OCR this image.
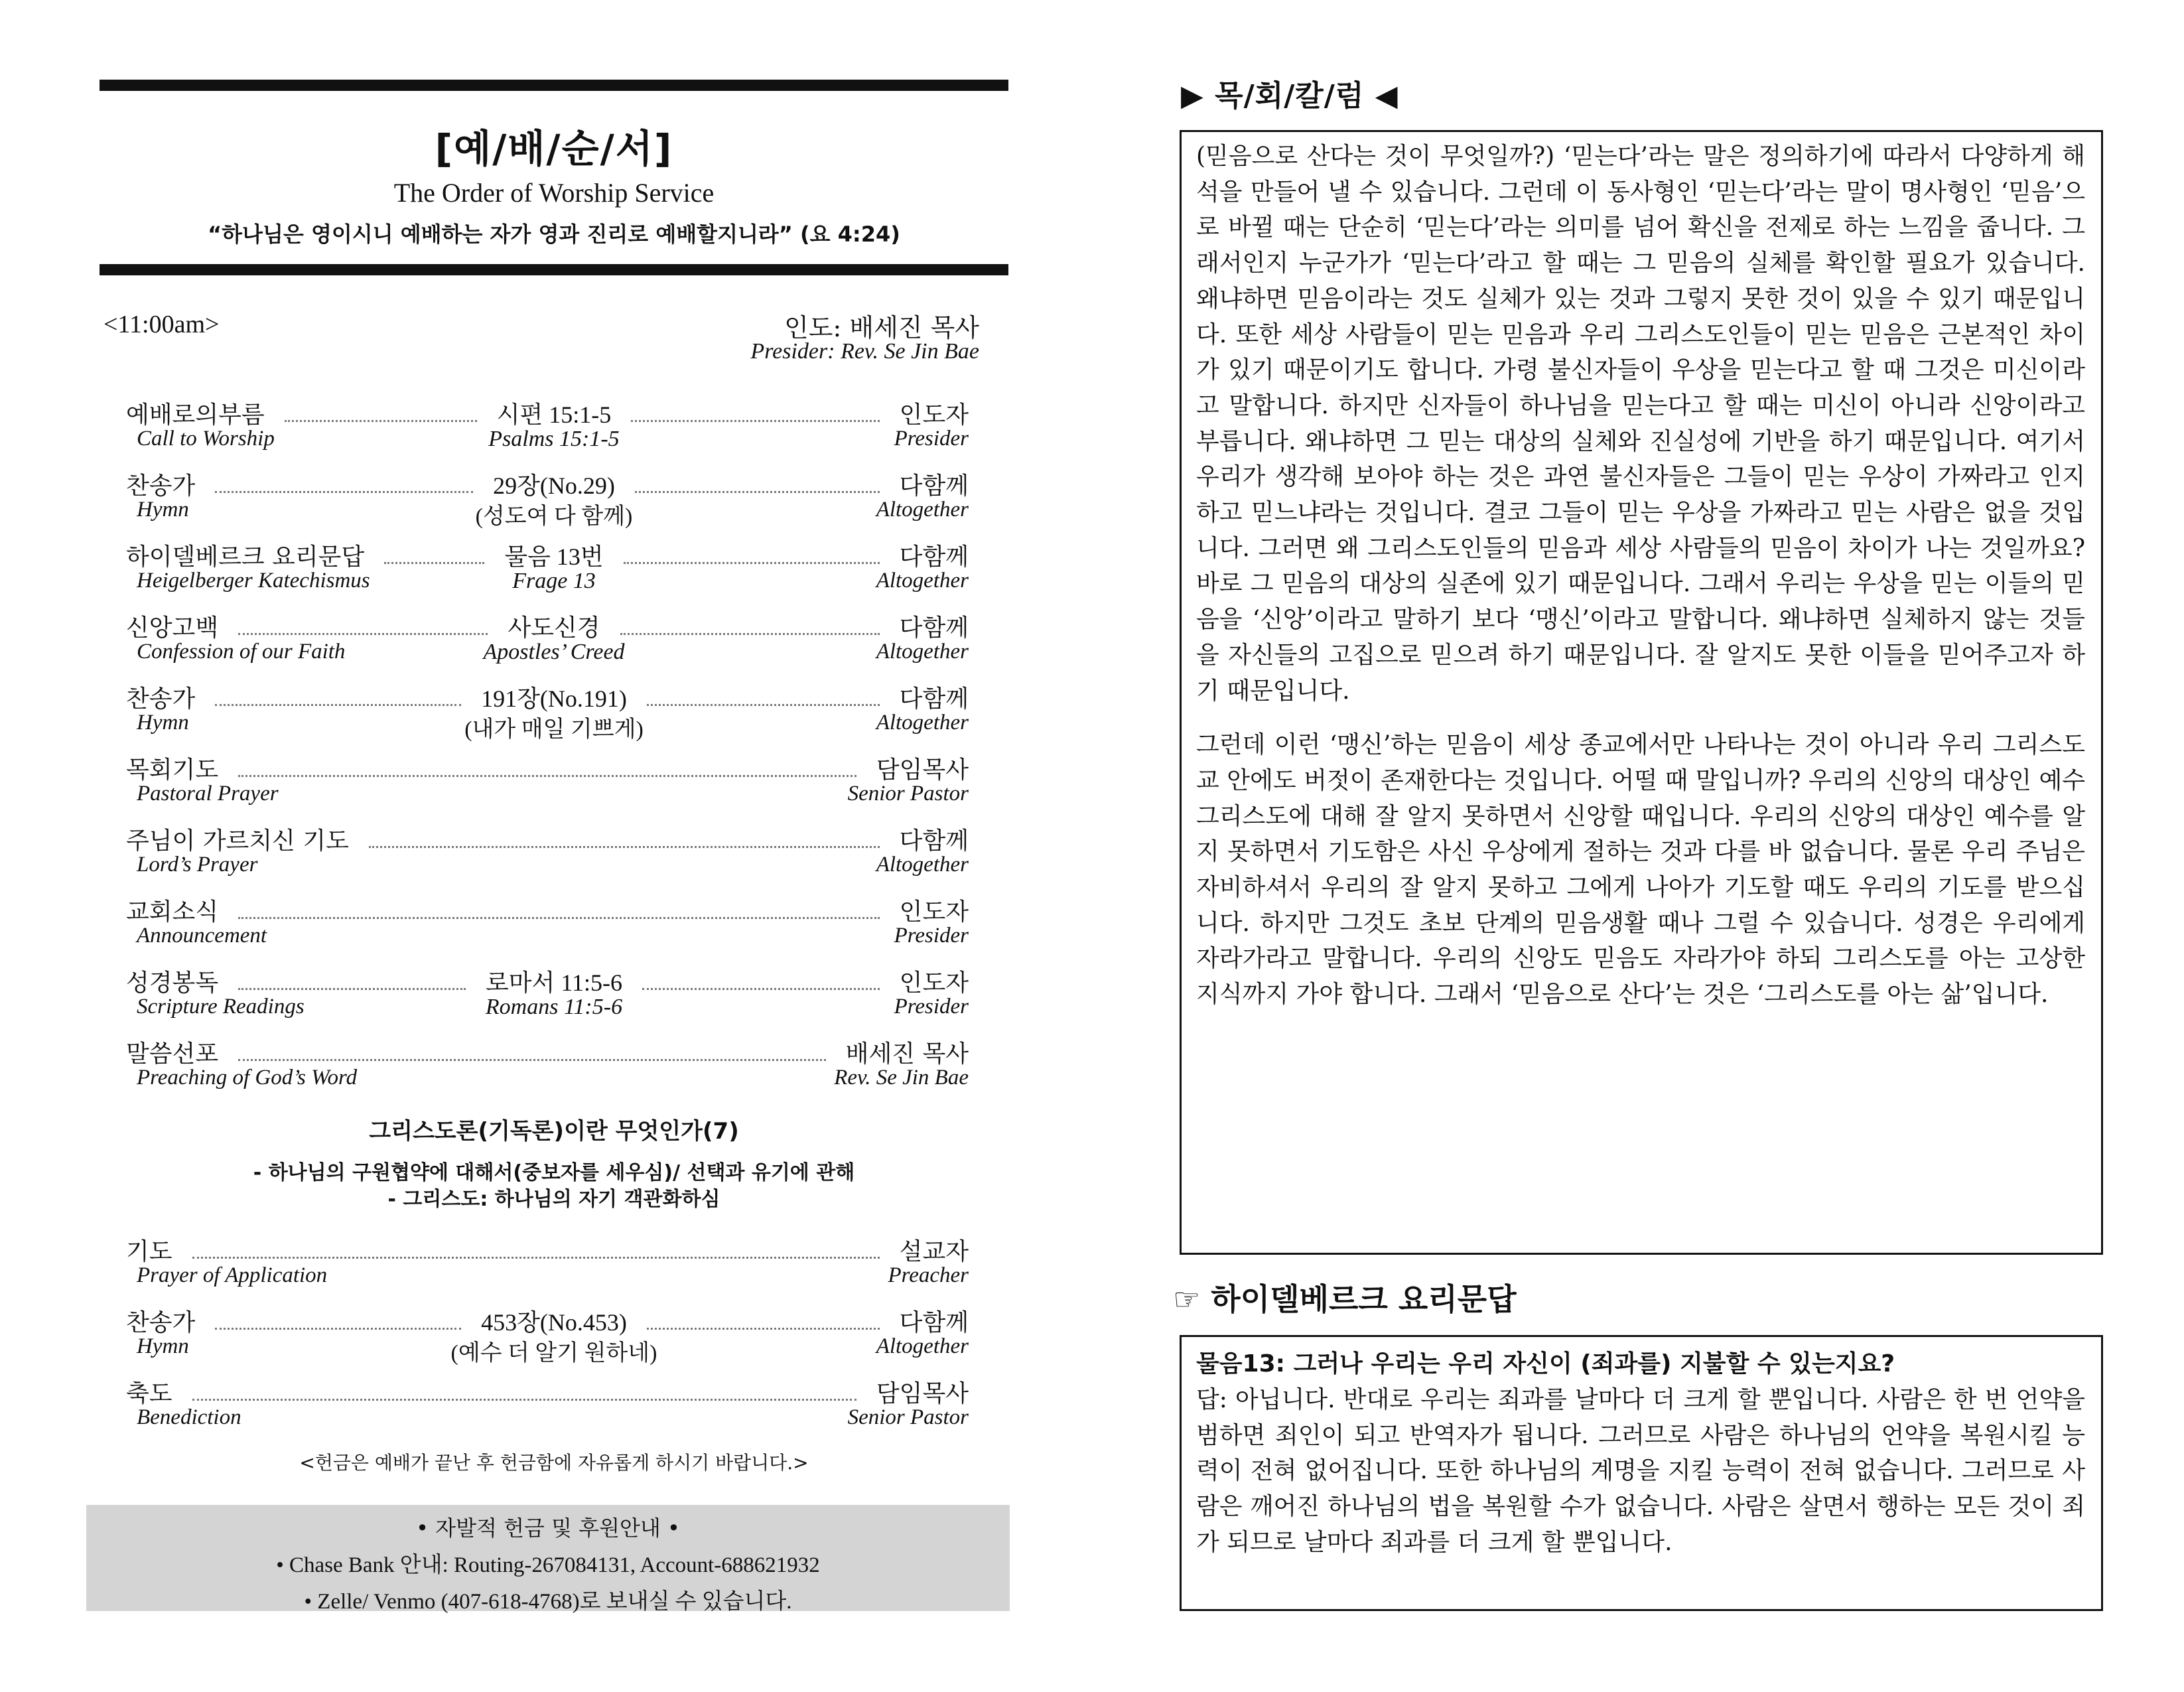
[예/배/순/서]
The Order of Worship Service
“하나님은 영이시니 예배하는 자가 영과 진리로 예배할지니라” (요 4:24)
<11:00am>	인도: 배세진 목사
Presider: Rev. Se Jin Bae
예배로의부름
Call to Worship
시편 15:1-5
Psalms 15:1-5
인도자
Presider
찬송가
Hymn
29장(No.29)
(성도여 다 함께)
다함께
Altogether
하이델베르크 요리문답
Heigelberger Katechismus
물음 13번
Frage 13
다함께
Altogether
신앙고백
Confession of our Faith
사도신경
Apostles’ Creed
다함께
Altogether
찬송가
Hymn
191장(No.191)
(내가 매일 기쁘게)
다함께
Altogether
목회기도
Pastoral Prayer
담임목사
Senior Pastor
주님이 가르치신 기도
Lord’s Prayer
다함께
Altogether
교회소식
Announcement
인도자
Presider
성경봉독
Scripture Readings
로마서 11:5-6
Romans 11:5-6
인도자
Presider
말씀선포
Preaching of God’s Word
배세진 목사
Rev. Se Jin Bae
그리스도론(기독론)이란 무엇인가(7)
- 하나님의 구원협약에 대해서(중보자를 세우심)/ 선택과 유기에 관해
- 그리스도: 하나님의 자기 객관화하심
기도
Prayer of Application
설교자
Preacher
찬송가
Hymn
453장(No.453)
(예수 더 알기 원하네)
다함께
Altogether
축도
Benediction
담임목사
Senior Pastor
<헌금은 예배가 끝난 후 헌금함에 자유롭게 하시기 바랍니다.>
• 자발적 헌금 및 후원안내 •
• Chase Bank 안내: Routing-267084131, Account-688621932
• Zelle/ Venmo (407-618-4768)로 보내실 수 있습니다.
▶ 목/회/칼/럼 ◀

(믿음으로 산다는 것이 무엇일까?) ‘믿는다’라는 말은 정의하기에 따라서 다양하게 해석을 만들어 낼 수 있습니다. 그런데 이 동사형인 ‘믿는다’라는 말이 명사형인 ‘믿음’으로 바뀔 때는 단순히 ‘믿는다’라는 의미를 넘어 확신을 전제로 하는 느낌을 줍니다. 그래서인지 누군가가 ‘믿는다’라고 할 때는 그 믿음의 실체를 확인할 필요가 있습니다. 왜냐하면 믿음이라는 것도 실체가 있는 것과 그렇지 못한 것이 있을 수 있기 때문입니다. 또한 세상 사람들이 믿는 믿음과 우리 그리스도인들이 믿는 믿음은 근본적인 차이가 있기 때문이기도 합니다. 가령 불신자들이 우상을 믿는다고 할 때 그것은 미신이라고 말합니다. 하지만 신자들이 하나님을 믿는다고 할 때는 미신이 아니라 신앙이라고 부릅니다. 왜냐하면 그 믿는 대상의 실체와 진실성에 기반을 하기 때문입니다. 여기서 우리가 생각해 보아야 하는 것은 과연 불신자들은 그들이 믿는 우상이 가짜라고 인지하고 믿느냐라는 것입니다. 결코 그들이 믿는 우상을 가짜라고 믿는 사람은 없을 것입니다. 그러면 왜 그리스도인들의 믿음과 세상 사람들의 믿음이 차이가 나는 것일까요? 바로 그 믿음의 대상의 실존에 있기 때문입니다. 그래서 우리는 우상을 믿는 이들의 믿음을 ‘신앙’이라고 말하기 보다 ‘맹신’이라고 말합니다. 왜냐하면 실체하지 않는 것들을 자신들의 고집으로 믿으려 하기 때문입니다. 잘 알지도 못한 이들을 믿어주고자 하기 때문입니다.

그런데 이런 ‘맹신’하는 믿음이 세상 종교에서만 나타나는 것이 아니라 우리 그리스도교 안에도 버젓이 존재한다는 것입니다. 어떨 때 말입니까? 우리의 신앙의 대상인 예수 그리스도에 대해 잘 알지 못하면서 신앙할 때입니다. 우리의 신앙의 대상인 예수를 알지 못하면서 기도함은 사신 우상에게 절하는 것과 다를 바 없습니다. 물론 우리 주님은 자비하셔서 우리의 잘 알지 못하고 그에게 나아가 기도할 때도 우리의 기도를 받으십니다. 하지만 그것도 초보 단계의 믿음생활 때나 그럴 수 있습니다. 성경은 우리에게 자라가라고 말합니다. 우리의 신앙도 믿음도 자라가야 하되 그리스도를 아는 고상한 지식까지 가야 합니다. 그래서 ‘믿음으로 산다’는 것은 ‘그리스도를 아는 삶’입니다.

☞ 하이델베르크 요리문답
물음13: 그러나 우리는 우리 자신이 (죄과를) 지불할 수 있는지요?
답: 아닙니다. 반대로 우리는 죄과를 날마다 더 크게 할 뿐입니다. 사람은 한 번 언약을 범하면 죄인이 되고 반역자가 됩니다. 그러므로 사람은 하나님의 언약을 복원시킬 능력이 전혀 없어집니다. 또한 하나님의 계명을 지킬 능력이 전혀 없습니다. 그러므로 사람은 깨어진 하나님의 법을 복원할 수가 없습니다. 사람은 살면서 행하는 모든 것이 죄가 되므로 날마다 죄과를 더 크게 할 뿐입니다.
